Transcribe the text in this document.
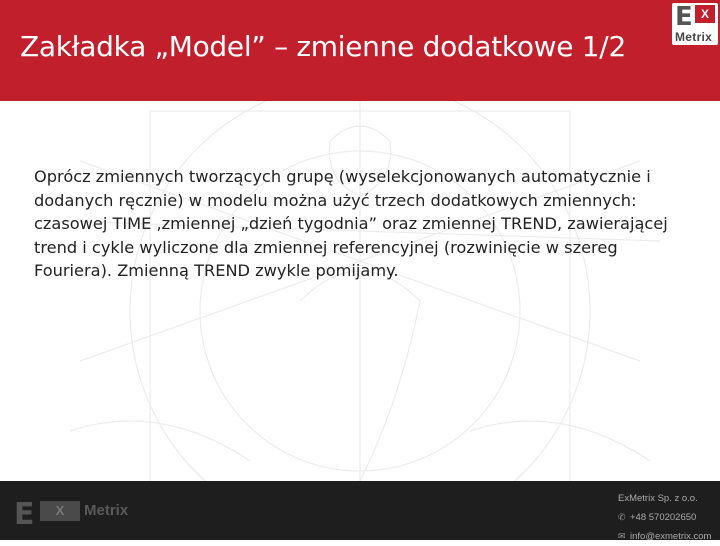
Zakładka „Model” – zmienne dodatkowe 1/2
E X
Metrix
Oprócz zmiennych tworzących grupę (wyselekcjonowanych automatycznie i dodanych ręcznie) w modelu można użyć trzech dodatkowych zmiennych: czasowej TIME ,zmiennej „dzień tygodnia” oraz zmiennej TREND, zawierającej trend i cykle wyliczone dla zmiennej referencyjnej (rozwinięcie w szereg Fouriera). Zmienną TREND zwykle pomijamy.
E	X	Metrix
ExMetrix Sp. z o.o.
✆ +48 570202650
✉ info@exmetrix.com
